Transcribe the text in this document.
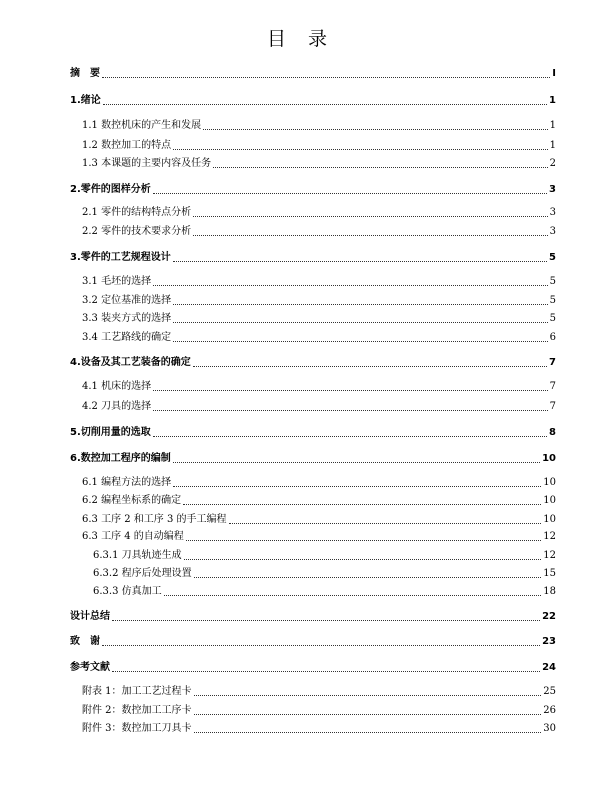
目 录
摘　要	I
1.绪论	1
1.1 数控机床的产生和发展	1
1.2 数控加工的特点	1
1.3 本课题的主要内容及任务	2
2.零件的图样分析	3
2.1 零件的结构特点分析	3
2.2 零件的技术要求分析	3
3.零件的工艺规程设计	5
3.1 毛坯的选择	5
3.2 定位基准的选择	5
3.3 装夹方式的选择	5
3.4 工艺路线的确定	6
4.设备及其工艺装备的确定	7
4.1 机床的选择	7
4.2 刀具的选择	7
5.切削用量的选取	8
6.数控加工程序的编制	10
6.1 编程方法的选择	10
6.2 编程坐标系的确定	10
6.3 工序 2 和工序 3 的手工编程	10
6.3 工序 4 的自动编程	12
6.3.1 刀具轨迹生成	12
6.3.2 程序后处理设置	15
6.3.3 仿真加工	18
设计总结	22
致　谢	23
参考文献	24
附表 1：加工工艺过程卡	25
附件 2：数控加工工序卡	26
附件 3：数控加工刀具卡	30
